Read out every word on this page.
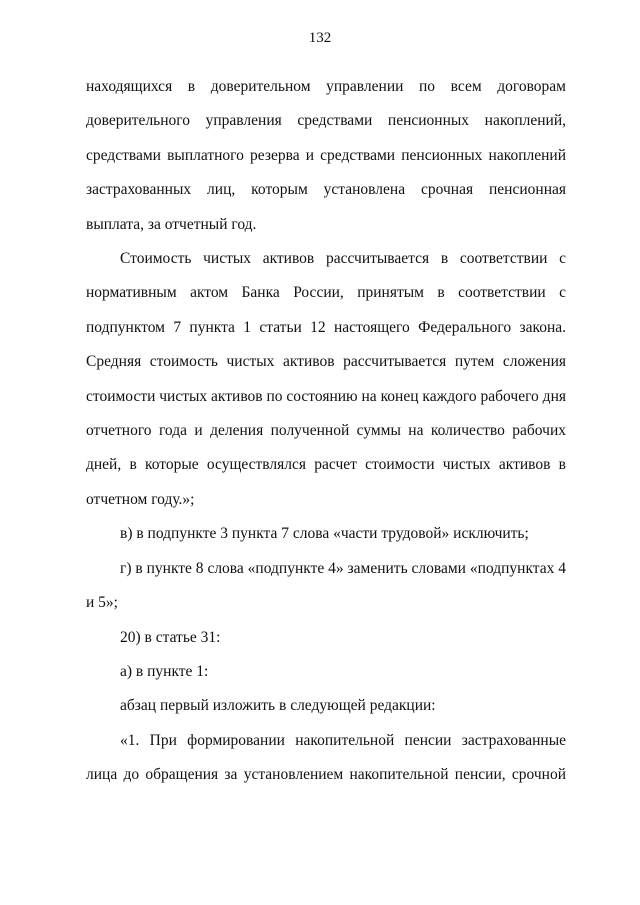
132

находящихся в доверительном управлении по всем договорам доверительного управления средствами пенсионных накоплений, средствами выплатного резерва и средствами пенсионных накоплений застрахованных лиц, которым установлена срочная пенсионная выплата, за отчетный год.

Стоимость чистых активов рассчитывается в соответствии с нормативным актом Банка России, принятым в соответствии с подпунктом 7 пункта 1 статьи 12 настоящего Федерального закона. Средняя стоимость чистых активов рассчитывается путем сложения стоимости чистых активов по состоянию на конец каждого рабочего дня отчетного года и деления полученной суммы на количество рабочих дней, в которые осуществлялся расчет стоимости чистых активов в отчетном году.»;

в) в подпункте 3 пункта 7 слова «части трудовой» исключить;

г) в пункте 8 слова «подпункте 4» заменить словами «подпунктах 4 и 5»;

20) в статье 31:

а) в пункте 1:

абзац первый изложить в следующей редакции:

«1. При формировании накопительной пенсии застрахованные лица до обращения за установлением накопительной пенсии, срочной
